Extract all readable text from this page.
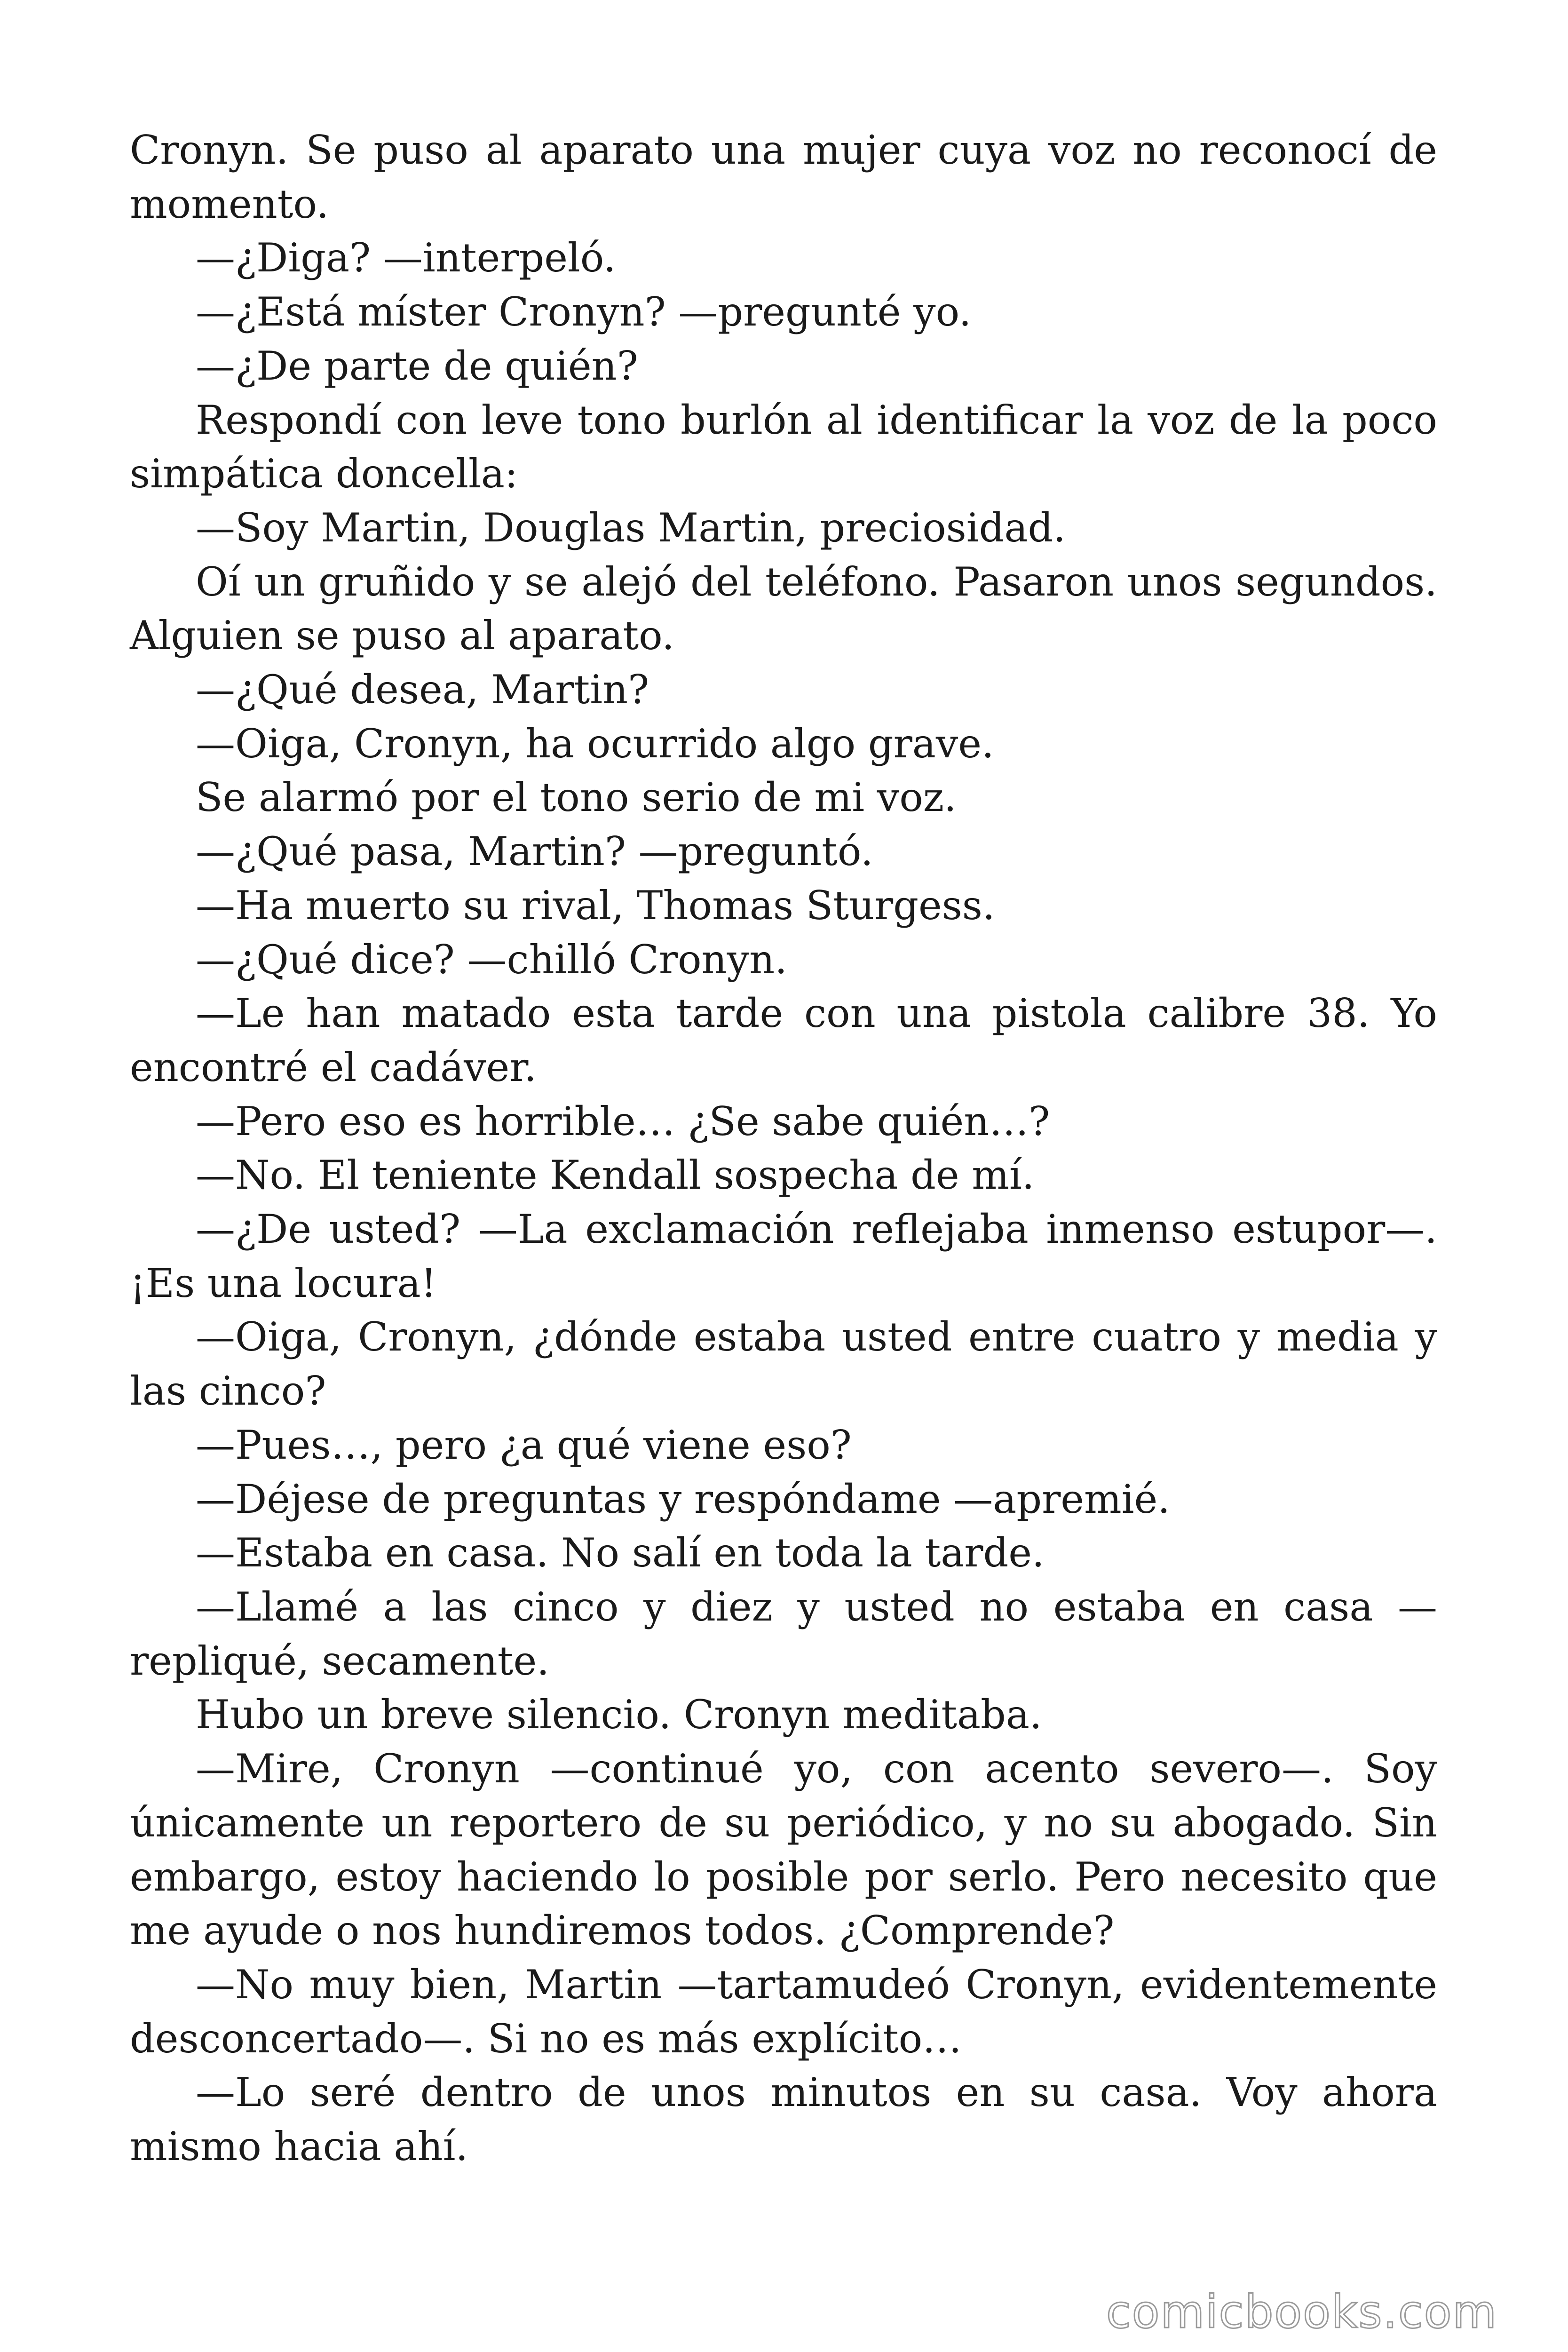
Cronyn. Se puso al aparato una mujer cuya voz no reconocí de momento.

—¿Diga? —interpeló.

—¿Está míster Cronyn? —pregunté yo.

—¿De parte de quién?

Respondí con leve tono burlón al identificar la voz de la poco simpática doncella:

—Soy Martin, Douglas Martin, preciosidad.

Oí un gruñido y se alejó del teléfono. Pasaron unos segundos. Alguien se puso al aparato.

—¿Qué desea, Martin?

—Oiga, Cronyn, ha ocurrido algo grave.

Se alarmó por el tono serio de mi voz.

—¿Qué pasa, Martin? —preguntó.

—Ha muerto su rival, Thomas Sturgess.

—¿Qué dice? —chilló Cronyn.

—Le han matado esta tarde con una pistola calibre 38. Yo encontré el cadáver.

—Pero eso es horrible… ¿Se sabe quién…?

—No. El teniente Kendall sospecha de mí.

—¿De usted? —La exclamación reflejaba inmenso estupor—. ¡Es una locura!

—Oiga, Cronyn, ¿dónde estaba usted entre cuatro y media y las cinco?

—Pues…, pero ¿a qué viene eso?

—Déjese de preguntas y respóndame —apremié.

—Estaba en casa. No salí en toda la tarde.

—Llamé a las cinco y diez y usted no estaba en casa —repliqué, secamente.

Hubo un breve silencio. Cronyn meditaba.

—Mire, Cronyn —continué yo, con acento severo—. Soy únicamente un reportero de su periódico, y no su abogado. Sin embargo, estoy haciendo lo posible por serlo. Pero necesito que me ayude o nos hundiremos todos. ¿Comprende?

—No muy bien, Martin —tartamudeó Cronyn, evidentemente desconcertado—. Si no es más explícito…

—Lo seré dentro de unos minutos en su casa. Voy ahora mismo hacia ahí.

comicbooks.com
